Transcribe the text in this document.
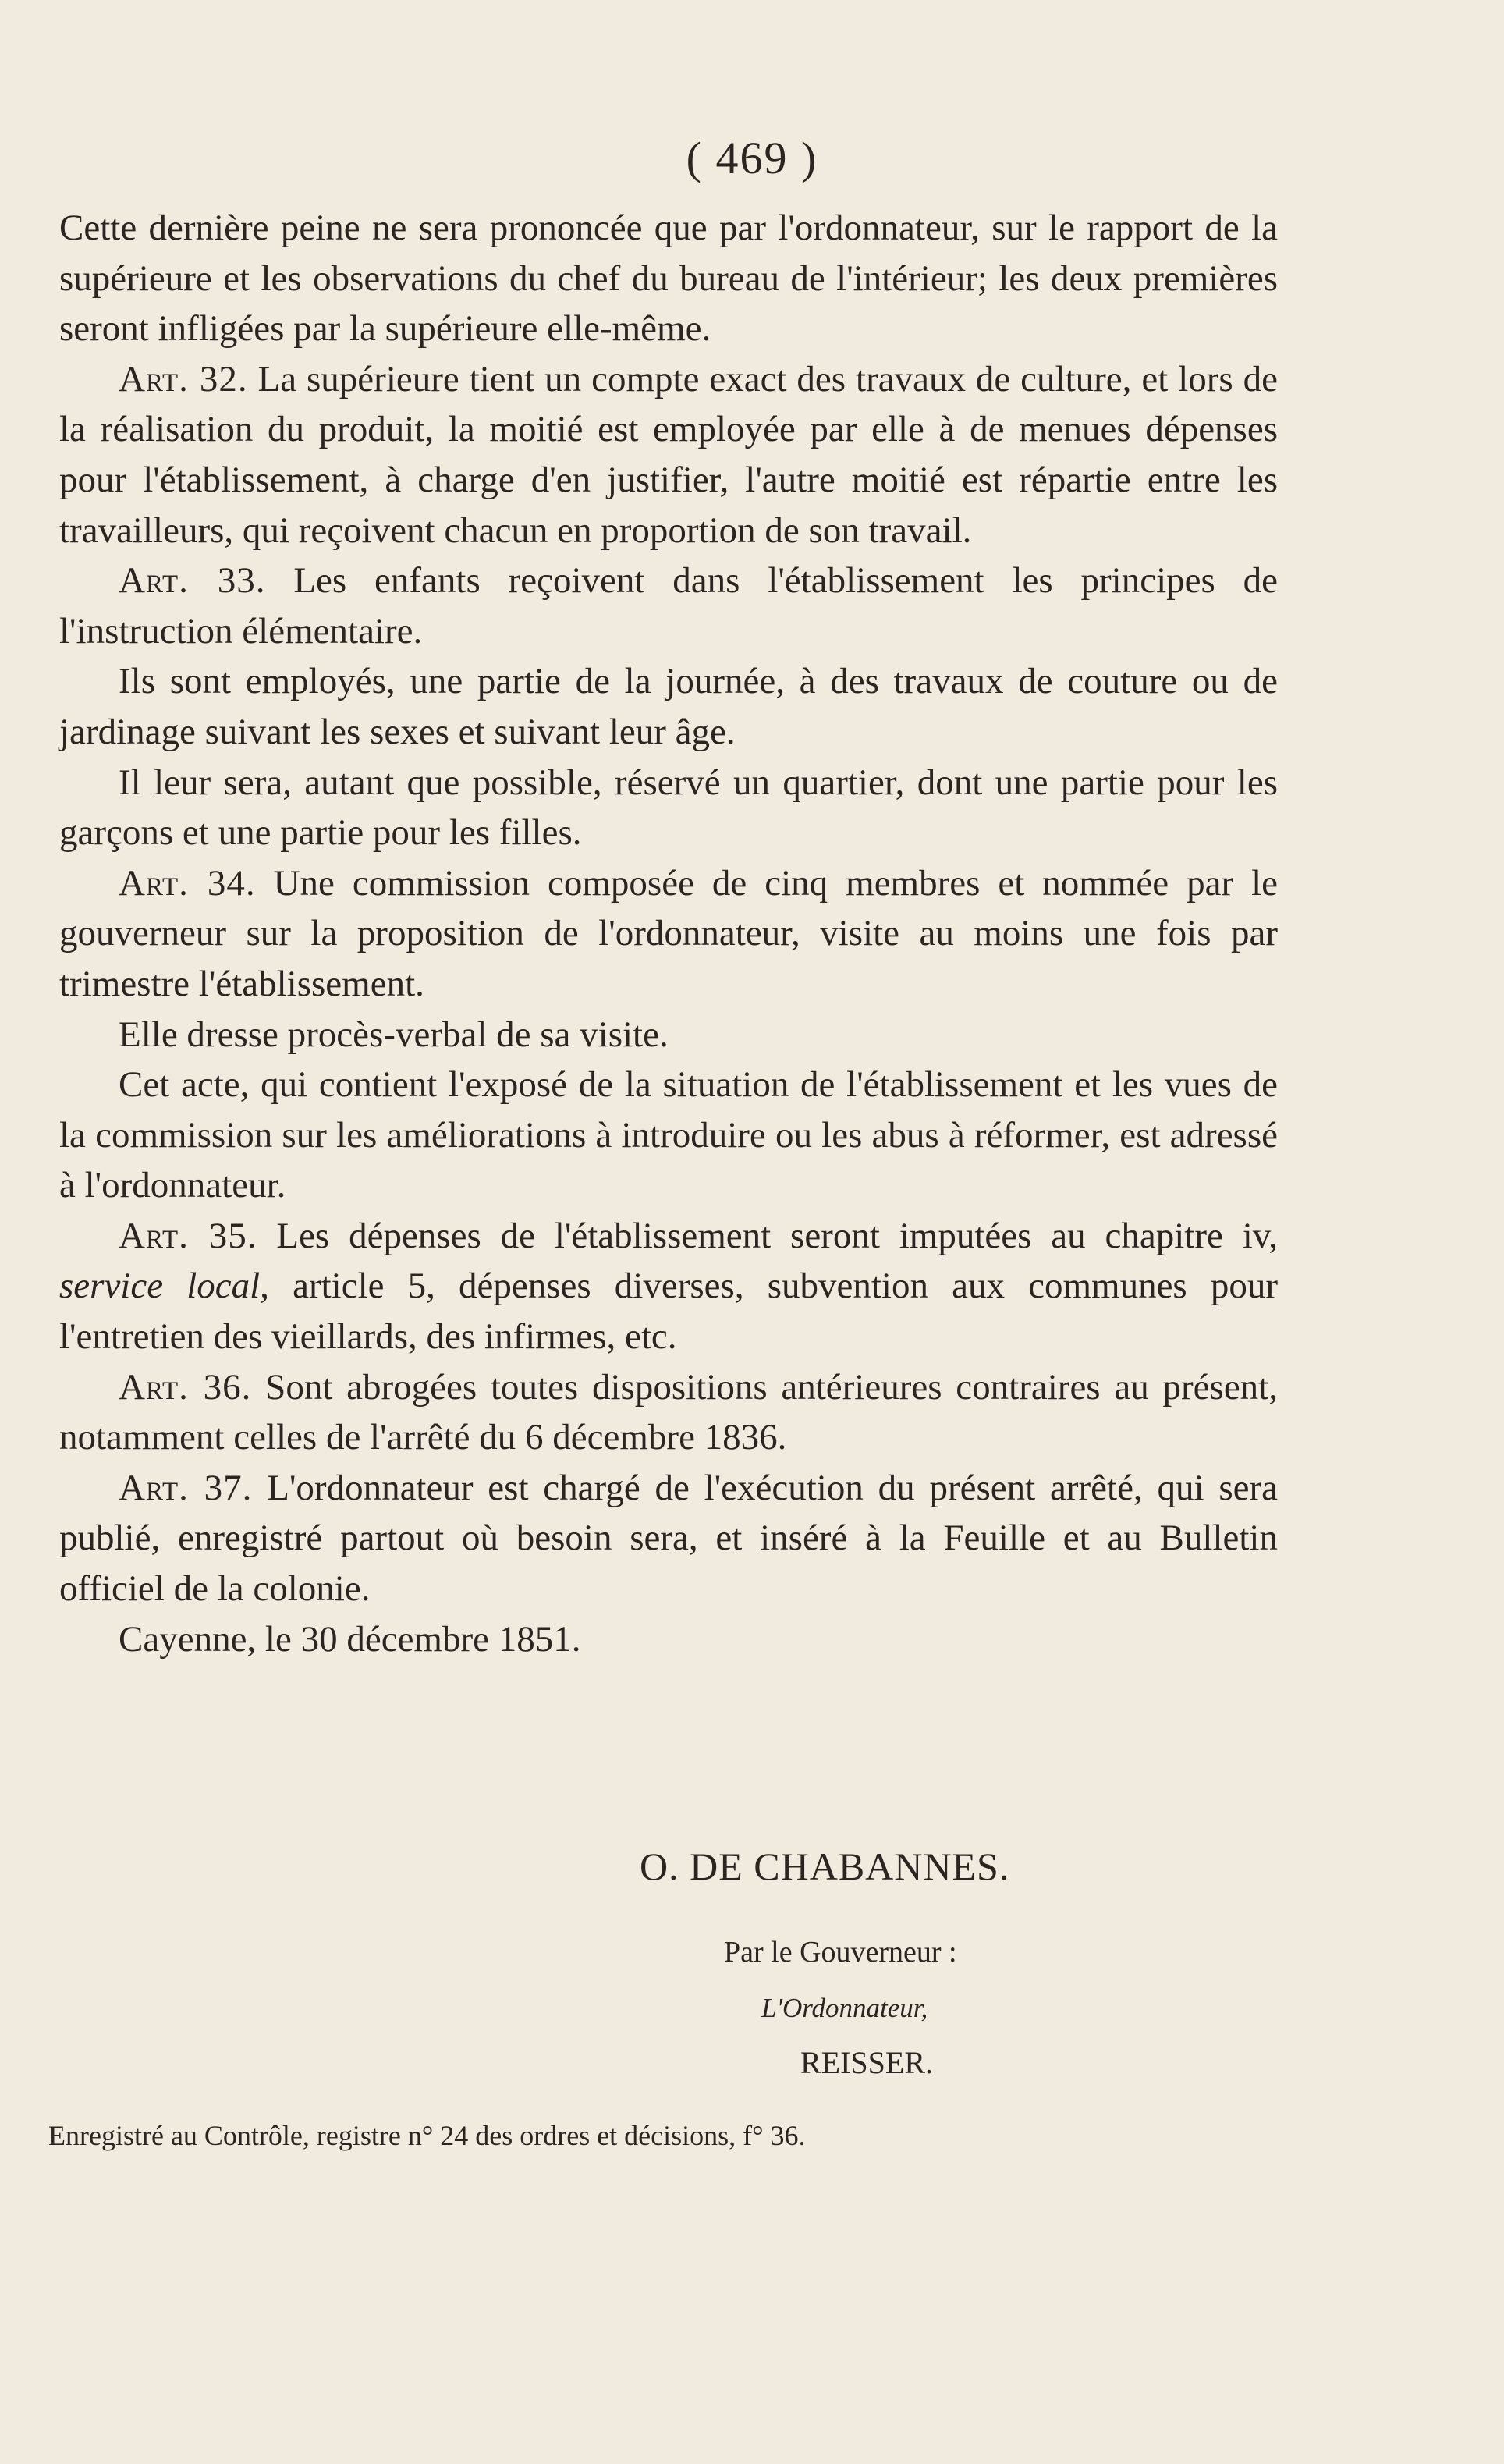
( 469 )

Cette dernière peine ne sera prononcée que par l'ordonnateur, sur le rapport de la supérieure et les observations du chef du bureau de l'intérieur; les deux premières seront infligées par la supérieure elle-même.

Art. 32. La supérieure tient un compte exact des travaux de culture, et lors de la réalisation du produit, la moitié est employée par elle à de menues dépenses pour l'établissement, à charge d'en justifier, l'autre moitié est répartie entre les travailleurs, qui reçoivent chacun en proportion de son travail.

Art. 33. Les enfants reçoivent dans l'établissement les principes de l'instruction élémentaire.

Ils sont employés, une partie de la journée, à des travaux de couture ou de jardinage suivant les sexes et suivant leur âge.

Il leur sera, autant que possible, réservé un quartier, dont une partie pour les garçons et une partie pour les filles.

Art. 34. Une commission composée de cinq membres et nommée par le gouverneur sur la proposition de l'ordonnateur, visite au moins une fois par trimestre l'établissement.

Elle dresse procès-verbal de sa visite.

Cet acte, qui contient l'exposé de la situation de l'établissement et les vues de la commission sur les améliorations à introduire ou les abus à réformer, est adressé à l'ordonnateur.

Art. 35. Les dépenses de l'établissement seront imputées au chapitre iv, service local, article 5, dépenses diverses, subvention aux communes pour l'entretien des vieillards, des infirmes, etc.

Art. 36. Sont abrogées toutes dispositions antérieures contraires au présent, notamment celles de l'arrêté du 6 décembre 1836.

Art. 37. L'ordonnateur est chargé de l'exécution du présent arrêté, qui sera publié, enregistré partout où besoin sera, et inséré à la Feuille et au Bulletin officiel de la colonie.

Cayenne, le 30 décembre 1851.

O. DE CHABANNES.
Par le Gouverneur :
L'Ordonnateur,
REISSER.
Enregistré au Contrôle, registre n° 24 des ordres et décisions, f° 36.
